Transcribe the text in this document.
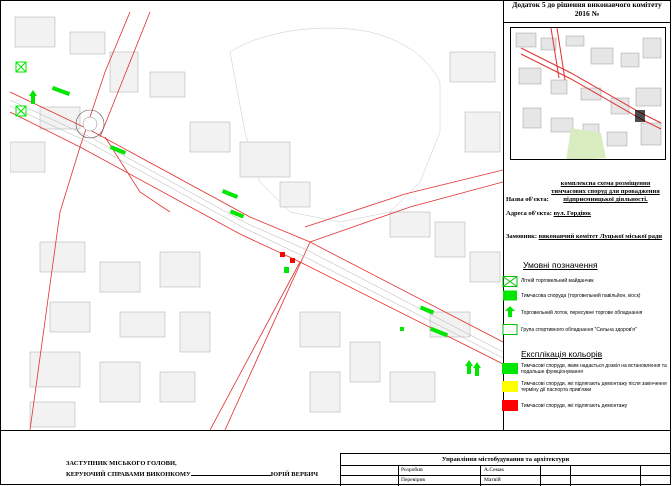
Додаток 5 до рішення виконавчого комітету
2016 №
Назва об'єкта: комплексна схема розміщення тимчасових споруд для провадження підприємницької діяльності.
Адреса об'єкта: вул. Гордіюк
Замовник: виконавчий комітет Луцької міської ради
Умовні позначення
Літній торговельний майданчик
Тимчасова споруда (торговельний павільйон, кіоск)
Торговельний лоток, пересувне торгове обладнання
Група спортивного обладнання "Сильна здоров'я"
Експлікація кольорів
Тимчасові споруди, яким надається дозвіл на встановлення та подальше функціонування
Тимчасові споруди, які підлягають демонтажу після закінчення терміну дії паспорта прив'язки
Тимчасові споруди, які підлягають демонтажу
ЗАСТУПНИК МІСЬКОГО ГОЛОВИ,
КЕРУЮЧИЙ СПРАВАМИ ВИКОНКОМУ	ЮРІЙ ВЕРБИЧ
Управління містобудування та архітектури
Розробив	А.Семак
Перевірив	Матвій
